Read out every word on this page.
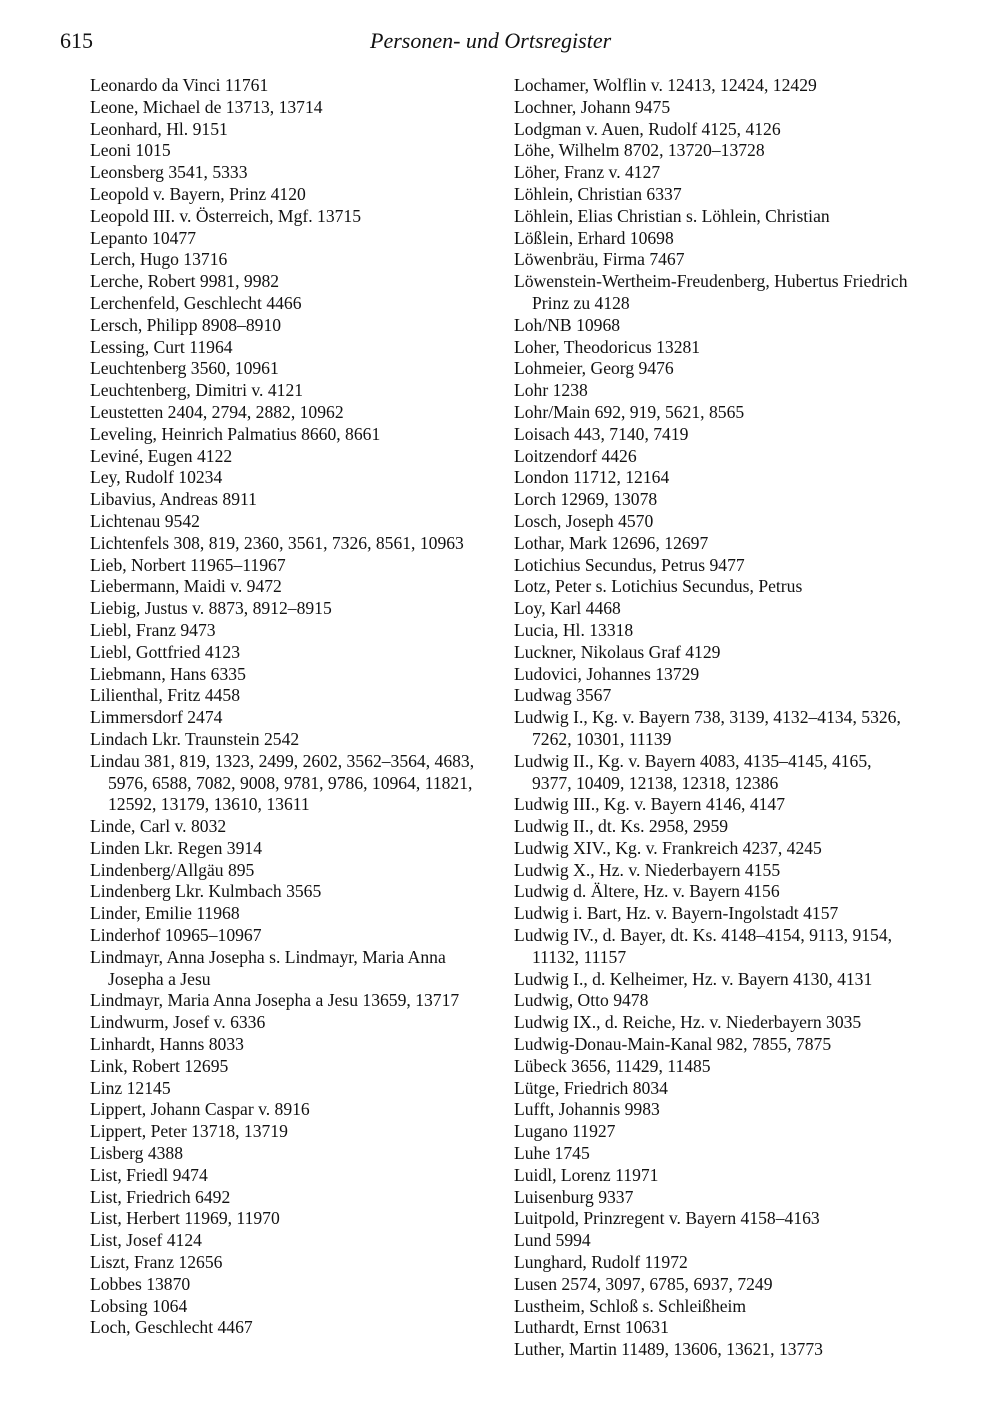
615	Personen- und Ortsregister

Leonardo da Vinci 11761

Leone, Michael de 13713, 13714

Leonhard, Hl. 9151

Leoni 1015

Leonsberg 3541, 5333

Leopold v. Bayern, Prinz 4120

Leopold III. v. Österreich, Mgf. 13715

Lepanto 10477

Lerch, Hugo 13716

Lerche, Robert 9981, 9982

Lerchenfeld, Geschlecht 4466

Lersch, Philipp 8908–8910

Lessing, Curt 11964

Leuchtenberg 3560, 10961

Leuchtenberg, Dimitri v. 4121

Leustetten 2404, 2794, 2882, 10962

Leveling, Heinrich Palmatius 8660, 8661

Leviné, Eugen 4122

Ley, Rudolf 10234

Libavius, Andreas 8911

Lichtenau 9542

Lichtenfels 308, 819, 2360, 3561, 7326, 8561, 10963

Lieb, Norbert 11965–11967

Liebermann, Maidi v. 9472

Liebig, Justus v. 8873, 8912–8915

Liebl, Franz 9473

Liebl, Gottfried 4123

Liebmann, Hans 6335

Lilienthal, Fritz 4458

Limmersdorf 2474

Lindach Lkr. Traunstein 2542

Lindau 381, 819, 1323, 2499, 2602, 3562–3564, 4683, 5976, 6588, 7082, 9008, 9781, 9786, 10964, 11821, 12592, 13179, 13610, 13611

Linde, Carl v. 8032

Linden Lkr. Regen 3914

Lindenberg/Allgäu 895

Lindenberg Lkr. Kulmbach 3565

Linder, Emilie 11968

Linderhof 10965–10967

Lindmayr, Anna Josepha s. Lindmayr, Maria Anna Josepha a Jesu

Lindmayr, Maria Anna Josepha a Jesu 13659, 13717

Lindwurm, Josef v. 6336

Linhardt, Hanns 8033

Link, Robert 12695

Linz 12145

Lippert, Johann Caspar v. 8916

Lippert, Peter 13718, 13719

Lisberg 4388

List, Friedl 9474

List, Friedrich 6492

List, Herbert 11969, 11970

List, Josef 4124

Liszt, Franz 12656

Lobbes 13870

Lobsing 1064

Loch, Geschlecht 4467

Lochamer, Wolflin v. 12413, 12424, 12429

Lochner, Johann 9475

Lodgman v. Auen, Rudolf 4125, 4126

Löhe, Wilhelm 8702, 13720–13728

Löher, Franz v. 4127

Löhlein, Christian 6337

Löhlein, Elias Christian s. Löhlein, Christian

Lößlein, Erhard 10698

Löwenbräu, Firma 7467

Löwenstein-Wertheim-Freudenberg, Hubertus Friedrich Prinz zu 4128

Loh/NB 10968

Loher, Theodoricus 13281

Lohmeier, Georg 9476

Lohr 1238

Lohr/Main 692, 919, 5621, 8565

Loisach 443, 7140, 7419

Loitzendorf 4426

London 11712, 12164

Lorch 12969, 13078

Losch, Joseph 4570

Lothar, Mark 12696, 12697

Lotichius Secundus, Petrus 9477

Lotz, Peter s. Lotichius Secundus, Petrus

Loy, Karl 4468

Lucia, Hl. 13318

Luckner, Nikolaus Graf 4129

Ludovici, Johannes 13729

Ludwag 3567

Ludwig I., Kg. v. Bayern 738, 3139, 4132–4134, 5326, 7262, 10301, 11139

Ludwig II., Kg. v. Bayern 4083, 4135–4145, 4165, 9377, 10409, 12138, 12318, 12386

Ludwig III., Kg. v. Bayern 4146, 4147

Ludwig II., dt. Ks. 2958, 2959

Ludwig XIV., Kg. v. Frankreich 4237, 4245

Ludwig X., Hz. v. Niederbayern 4155

Ludwig d. Ältere, Hz. v. Bayern 4156

Ludwig i. Bart, Hz. v. Bayern-Ingolstadt 4157

Ludwig IV., d. Bayer, dt. Ks. 4148–4154, 9113, 9154, 11132, 11157

Ludwig I., d. Kelheimer, Hz. v. Bayern 4130, 4131

Ludwig, Otto 9478

Ludwig IX., d. Reiche, Hz. v. Niederbayern 3035

Ludwig-Donau-Main-Kanal 982, 7855, 7875

Lübeck 3656, 11429, 11485

Lütge, Friedrich 8034

Lufft, Johannis 9983

Lugano 11927

Luhe 1745

Luidl, Lorenz 11971

Luisenburg 9337

Luitpold, Prinzregent v. Bayern 4158–4163

Lund 5994

Lunghard, Rudolf 11972

Lusen 2574, 3097, 6785, 6937, 7249

Lustheim, Schloß s. Schleißheim

Luthardt, Ernst 10631

Luther, Martin 11489, 13606, 13621, 13773
